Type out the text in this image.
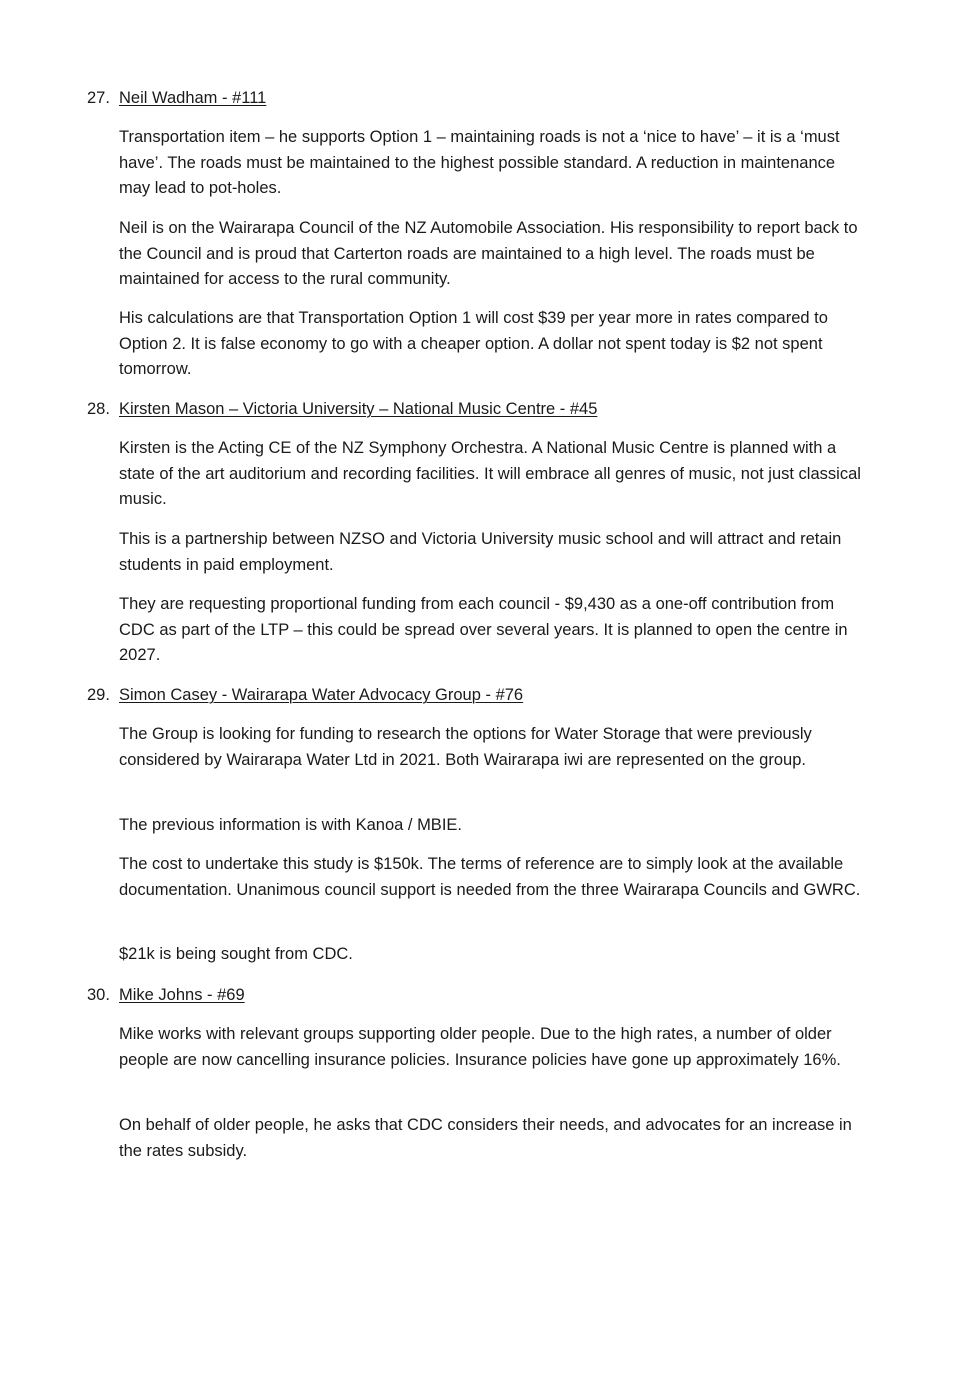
27. Neil Wadham - #111

Transportation item – he supports Option 1 – maintaining roads is not a ‘nice to have’ – it is a ‘must have’. The roads must be maintained to the highest possible standard. A reduction in maintenance may lead to pot-holes.

Neil is on the Wairarapa Council of the NZ Automobile Association. His responsibility to report back to the Council and is proud that Carterton roads are maintained to a high level. The roads must be maintained for access to the rural community.

His calculations are that Transportation Option 1 will cost $39 per year more in rates compared to Option 2. It is false economy to go with a cheaper option. A dollar not spent today is $2 not spent tomorrow.

28. Kirsten Mason – Victoria University – National Music Centre - #45

Kirsten is the Acting CE of the NZ Symphony Orchestra. A National Music Centre is planned with a state of the art auditorium and recording facilities. It will embrace all genres of music, not just classical music.

This is a partnership between NZSO and Victoria University music school and will attract and retain students in paid employment.

They are requesting proportional funding from each council - $9,430 as a one-off contribution from CDC as part of the LTP – this could be spread over several years. It is planned to open the centre in 2027.

29. Simon Casey - Wairarapa Water Advocacy Group - #76

The Group is looking for funding to research the options for Water Storage that were previously considered by Wairarapa Water Ltd in 2021. Both Wairarapa iwi are represented on the group.

The previous information is with Kanoa / MBIE.

The cost to undertake this study is $150k. The terms of reference are to simply look at the available documentation. Unanimous council support is needed from the three Wairarapa Councils and GWRC.

$21k is being sought from CDC.

30. Mike Johns - #69

Mike works with relevant groups supporting older people. Due to the high rates, a number of older people are now cancelling insurance policies. Insurance policies have gone up approximately 16%.

On behalf of older people, he asks that CDC considers their needs, and advocates for an increase in the rates subsidy.
